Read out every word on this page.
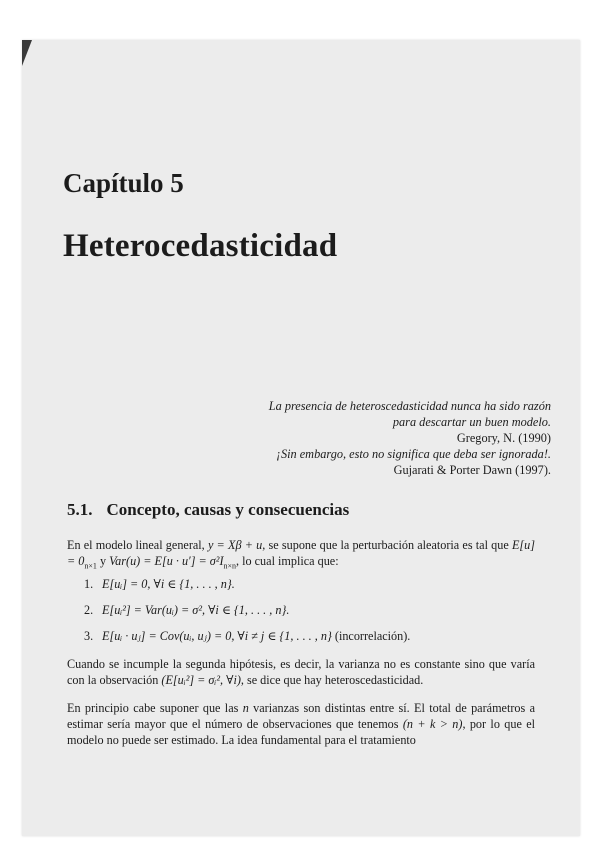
Capítulo 5
Heterocedasticidad
La presencia de heteroscedasticidad nunca ha sido razón
para descartar un buen modelo.
Gregory, N. (1990)
¡Sin embargo, esto no significa que deba ser ignorada!.
Gujarati & Porter Dawn (1997).
5.1. Concepto, causas y consecuencias

En el modelo lineal general, y = Xβ + u, se supone que la perturbación aleatoria es tal que $E[u] = 0_{n\times 1}$ y $Var(u) = E[u \cdot u'] = \sigma^2I_{n\times n}$, lo cual implica que:

1. E[uᵢ] = 0, ∀i ∈ {1, . . . , n}.
2. E[uᵢ²] = Var(uᵢ) = σ², ∀i ∈ {1, . . . , n}.
3. E[uᵢ · uⱼ] = Cov(uᵢ, uⱼ) = 0, ∀i ≠ j ∈ {1, . . . , n} (incorrelación).

Cuando se incumple la segunda hipótesis, es decir, la varianza no es constante sino que varía con la observación (E[uᵢ²] = σᵢ², ∀i), se dice que hay heteroscedasticidad.

En principio cabe suponer que las n varianzas son distintas entre sí. El total de parámetros a estimar sería mayor que el número de observaciones que tenemos (n + k > n), por lo que el modelo no puede ser estimado. La idea fundamental para el tratamiento
